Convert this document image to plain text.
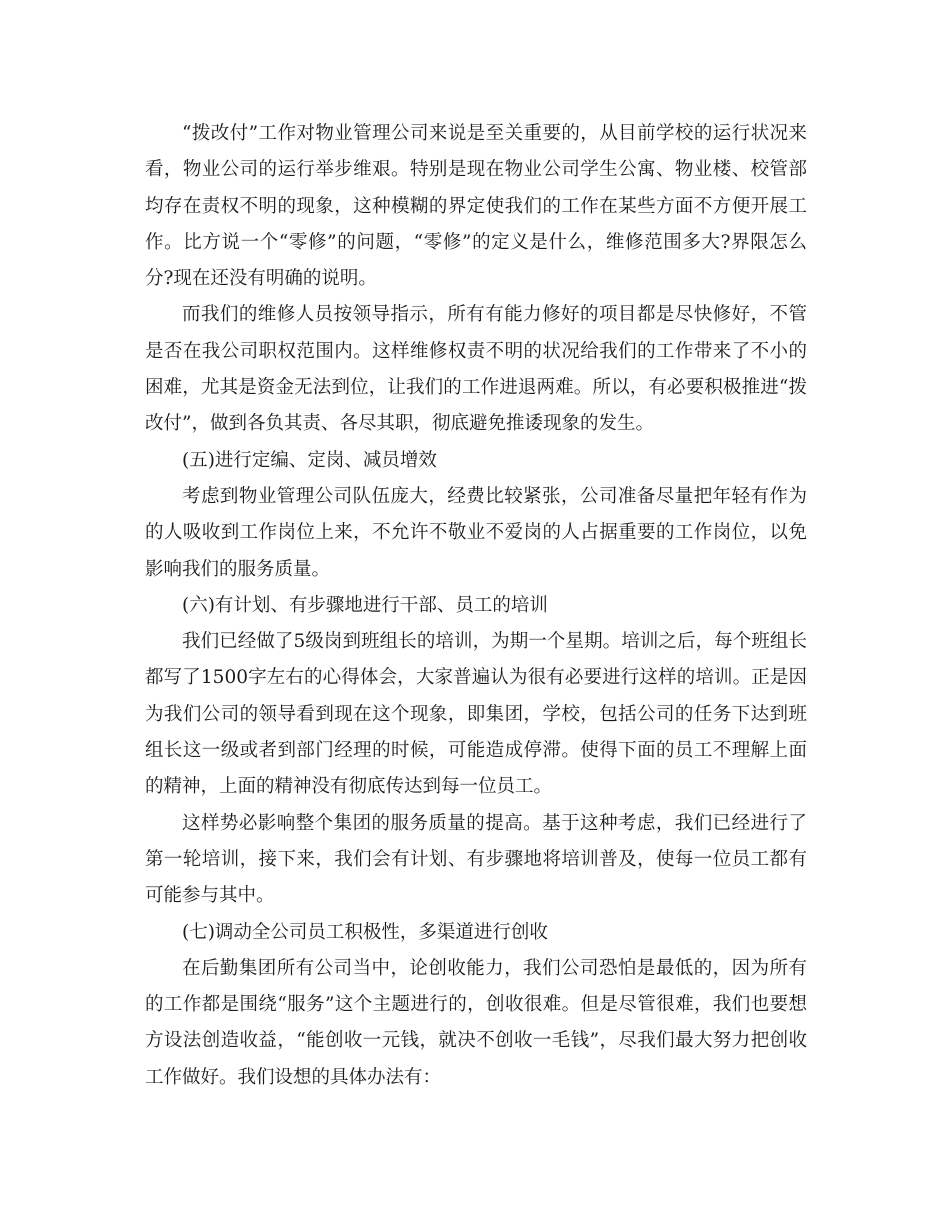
“拨改付”工作对物业管理公司来说是至关重要的，从目前学校的运行状况来看，物业公司的运行举步维艰。特别是现在物业公司学生公寓、物业楼、校管部均存在责权不明的现象，这种模糊的界定使我们的工作在某些方面不方便开展工作。比方说一个“零修”的问题，“零修”的定义是什么，维修范围多大?界限怎么分?现在还没有明确的说明。

而我们的维修人员按领导指示，所有有能力修好的项目都是尽快修好，不管是否在我公司职权范围内。这样维修权责不明的状况给我们的工作带来了不小的困难，尤其是资金无法到位，让我们的工作进退两难。所以，有必要积极推进“拨改付”，做到各负其责、各尽其职，彻底避免推诿现象的发生。

(五)进行定编、定岗、减员增效

考虑到物业管理公司队伍庞大，经费比较紧张，公司准备尽量把年轻有作为的人吸收到工作岗位上来，不允许不敬业不爱岗的人占据重要的工作岗位，以免影响我们的服务质量。

(六)有计划、有步骤地进行干部、员工的培训

我们已经做了5级岗到班组长的培训，为期一个星期。培训之后，每个班组长都写了1500字左右的心得体会，大家普遍认为很有必要进行这样的培训。正是因为我们公司的领导看到现在这个现象，即集团，学校，包括公司的任务下达到班组长这一级或者到部门经理的时候，可能造成停滞。使得下面的员工不理解上面的精神，上面的精神没有彻底传达到每一位员工。

这样势必影响整个集团的服务质量的提高。基于这种考虑，我们已经进行了第一轮培训，接下来，我们会有计划、有步骤地将培训普及，使每一位员工都有可能参与其中。

(七)调动全公司员工积极性，多渠道进行创收

在后勤集团所有公司当中，论创收能力，我们公司恐怕是最低的，因为所有的工作都是围绕“服务”这个主题进行的，创收很难。但是尽管很难，我们也要想方设法创造收益，“能创收一元钱，就决不创收一毛钱”，尽我们最大努力把创收工作做好。我们设想的具体办法有：
